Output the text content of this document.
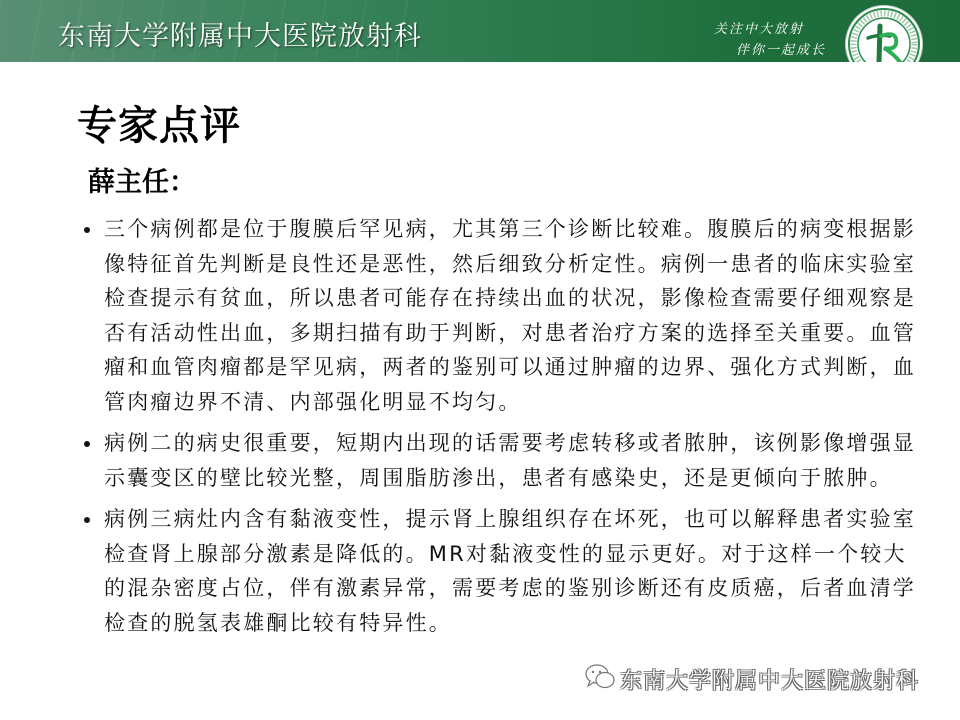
东南大学附属中大医院放射科	关注中大放射
伴你一起成长
专家点评
薛主任：
三个病例都是位于腹膜后罕见病，尤其第三个诊断比较难。腹膜后的病变根据影像特征首先判断是良性还是恶性，然后细致分析定性。病例一患者的临床实验室检查提示有贫血，所以患者可能存在持续出血的状况，影像检查需要仔细观察是否有活动性出血，多期扫描有助于判断，对患者治疗方案的选择至关重要。血管瘤和血管肉瘤都是罕见病，两者的鉴别可以通过肿瘤的边界、强化方式判断，血管肉瘤边界不清、内部强化明显不均匀。
病例二的病史很重要，短期内出现的话需要考虑转移或者脓肿，该例影像增强显示囊变区的壁比较光整，周围脂肪渗出，患者有感染史，还是更倾向于脓肿。
病例三病灶内含有黏液变性，提示肾上腺组织存在坏死，也可以解释患者实验室检查肾上腺部分激素是降低的。MR对黏液变性的显示更好。对于这样一个较大的混杂密度占位，伴有激素异常，需要考虑的鉴别诊断还有皮质癌，后者血清学检查的脱氢表雄酮比较有特异性。
东南大学附属中大医院放射科
